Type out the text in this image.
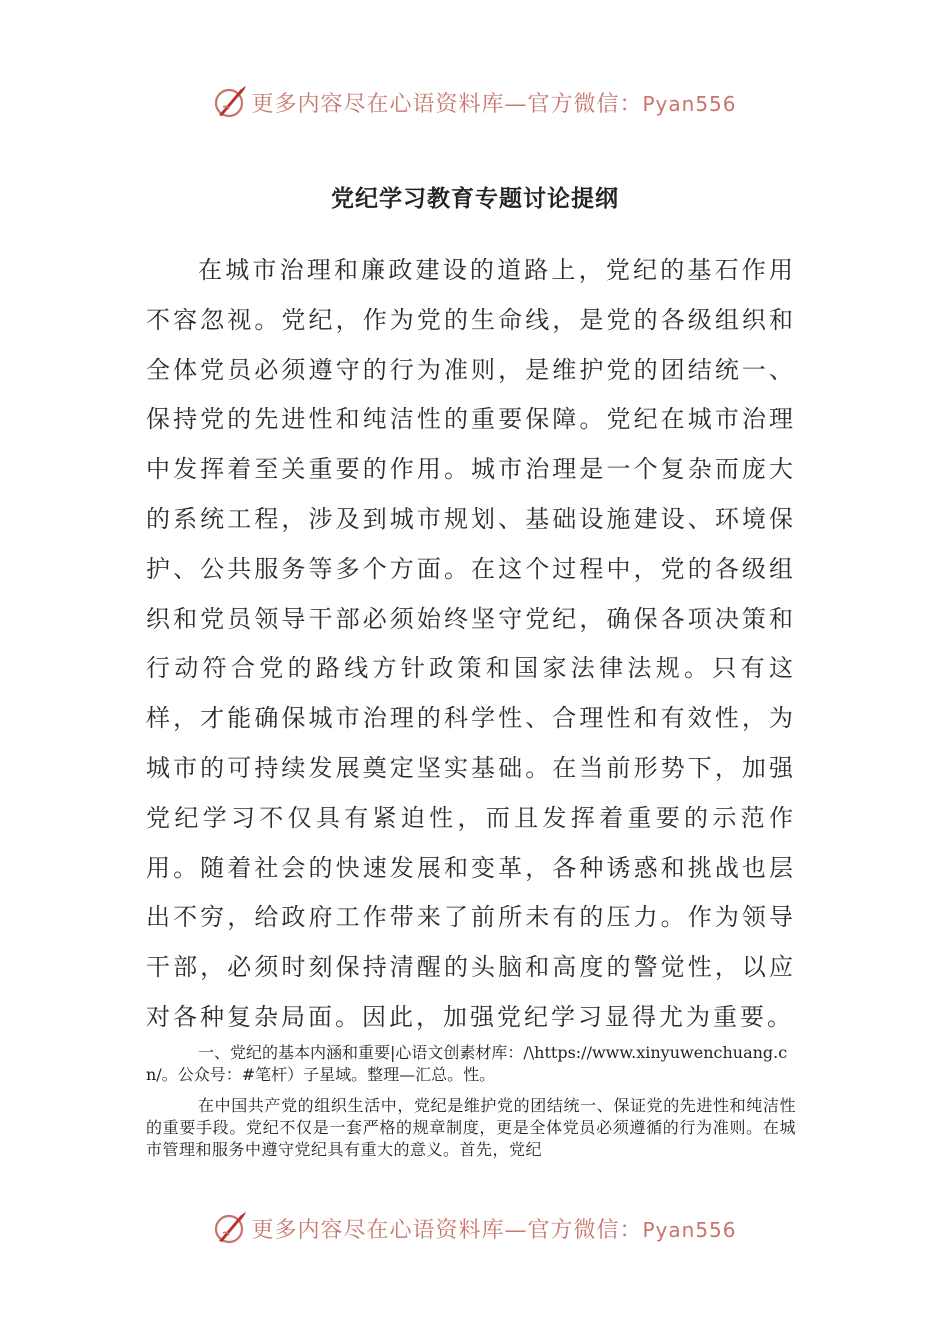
更多内容尽在心语资料库—官方微信：Pyan556
党纪学习教育专题讨论提纲

在城市治理和廉政建设的道路上，党纪的基石作用不容忽视。党纪，作为党的生命线，是党的各级组织和全体党员必须遵守的行为准则，是维护党的团结统一、保持党的先进性和纯洁性的重要保障。党纪在城市治理中发挥着至关重要的作用。城市治理是一个复杂而庞大的系统工程，涉及到城市规划、基础设施建设、环境保护、公共服务等多个方面。在这个过程中，党的各级组织和党员领导干部必须始终坚守党纪，确保各项决策和行动符合党的路线方针政策和国家法律法规。只有这样，才能确保城市治理的科学性、合理性和有效性，为城市的可持续发展奠定坚实基础。在当前形势下，加强党纪学习不仅具有紧迫性，而且发挥着重要的示范作用。随着社会的快速发展和变革，各种诱惑和挑战也层出不穷，给政府工作带来了前所未有的压力。作为领导干部，必须时刻保持清醒的头脑和高度的警觉性，以应对各种复杂局面。因此，加强党纪学习显得尤为重要。

一、党纪的基本内涵和重要|心语文创素材库：/\https://www.xinyuwenchuang.cn/。公众号：#笔杆）子星域。整理—汇总。性。

在中国共产党的组织生活中，党纪是维护党的团结统一、保证党的先进性和纯洁性的重要手段。党纪不仅是一套严格的规章制度，更是全体党员必须遵循的行为准则。在城市管理和服务中遵守党纪具有重大的意义。首先，党纪

更多内容尽在心语资料库—官方微信：Pyan556
